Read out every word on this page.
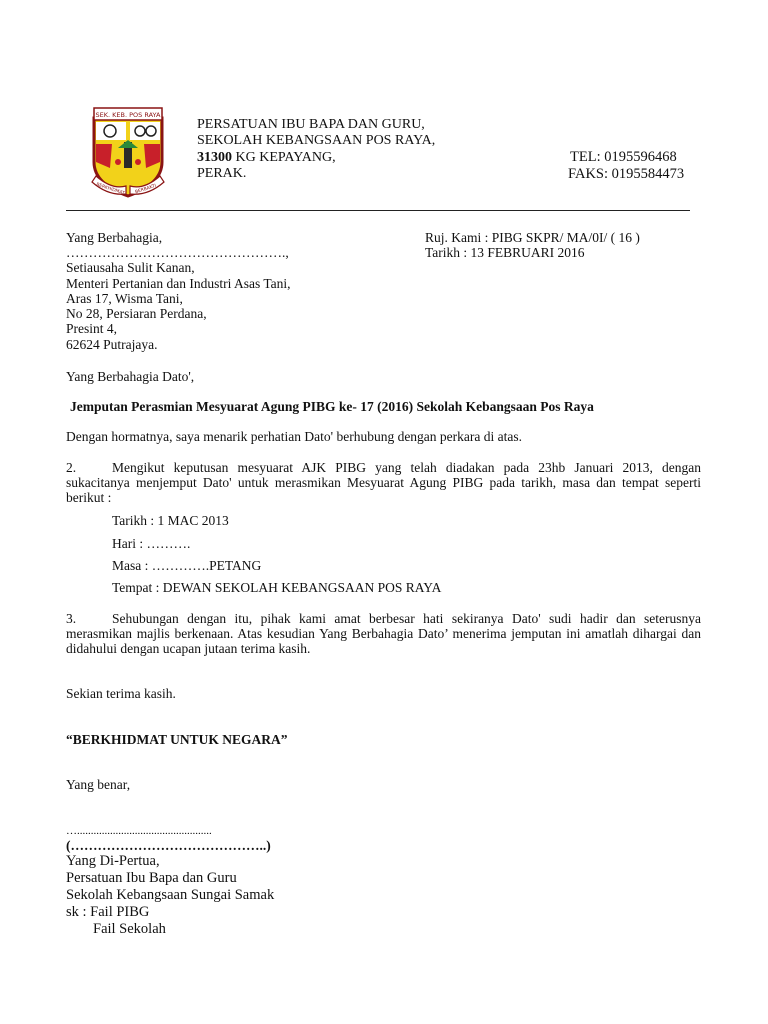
SEK. KEB. POS RAYA
BERKHIDMAT BERBAKTI
PERSATUAN IBU BAPA DAN GURU,
SEKOLAH KEBANGSAAN POS RAYA,
31300 KG KEPAYANG,
PERAK.
TEL: 0195596468
FAKS: 0195584473
Yang Berbahagia,
………………………………………….,
Setiausaha Sulit Kanan,
Menteri Pertanian dan Industri Asas Tani,
Aras 17, Wisma Tani,
No 28, Persiaran Perdana,
Presint 4,
62624 Putrajaya.
Ruj. Kami : PIBG SKPR/ MA/0I/ ( 16 )
Tarikh : 13 FEBRUARI 2016
Yang Berbahagia Dato',
Jemputan Perasmian Mesyuarat Agung PIBG ke- 17 (2016) Sekolah Kebangsaan Pos Raya
Dengan hormatnya, saya menarik perhatian Dato' berhubung dengan perkara di atas.
2.	Mengikut keputusan mesyuarat AJK PIBG yang telah diadakan pada 23hb Januari 2013, dengan
sukacitanya menjemput Dato' untuk merasmikan Mesyuarat Agung PIBG pada tarikh, masa dan tempat seperti berikut :
Tarikh : 1 MAC 2013
Hari : ……….
Masa : ………….PETANG
Tempat : DEWAN SEKOLAH KEBANGSAAN POS RAYA
3.	Sehubungan dengan itu, pihak kami amat berbesar hati sekiranya Dato' sudi hadir dan seterusnya
merasmikan majlis berkenaan. Atas kesudian Yang Berbahagia Dato’ menerima jemputan ini amatlah dihargai dan didahului dengan ucapan jutaan terima kasih.
Sekian terima kasih.
“BERKHIDMAT UNTUK NEGARA”
Yang benar,
….................................................
(……………………………………..)
Yang Di-Pertua,
Persatuan Ibu Bapa dan Guru
Sekolah Kebangsaan Sungai Samak
sk : Fail PIBG
Fail Sekolah
